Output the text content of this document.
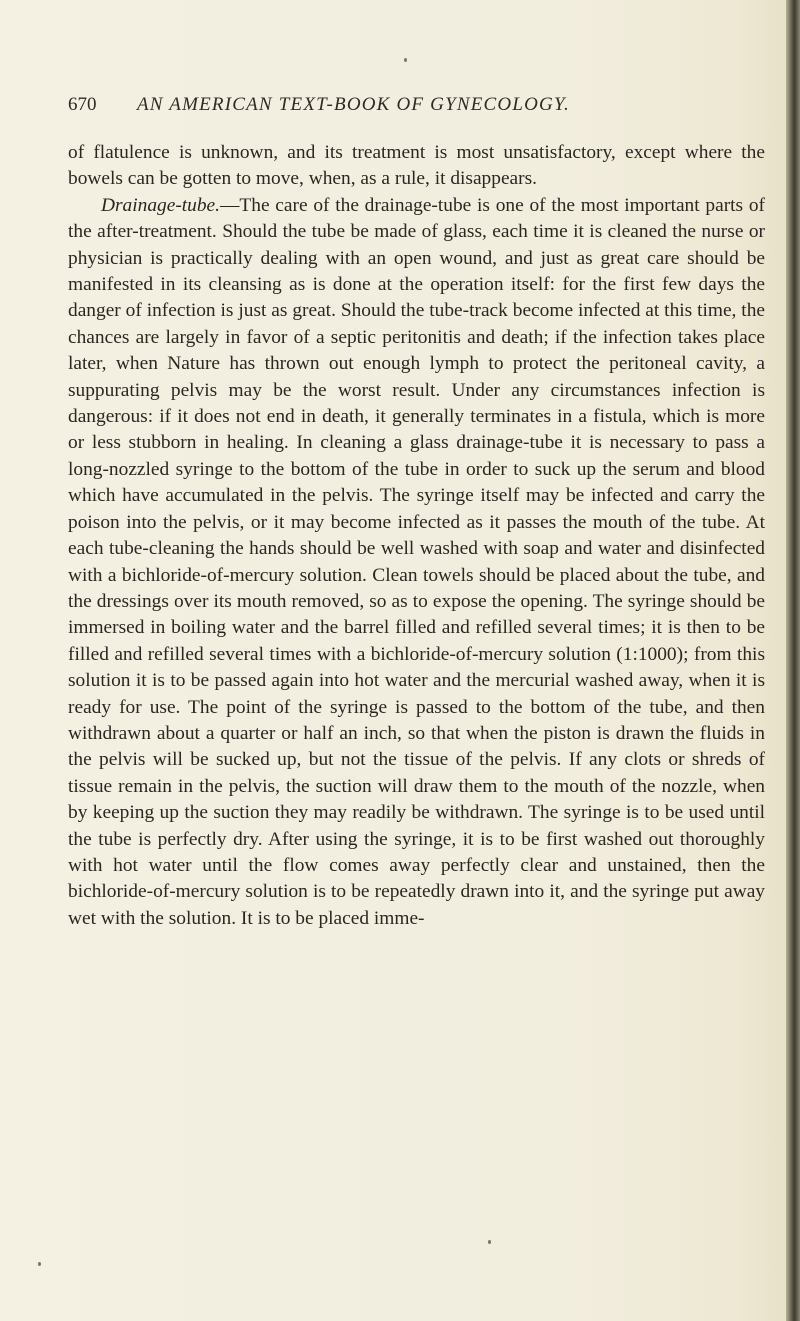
670 AN AMERICAN TEXT-BOOK OF GYNECOLOGY.

of flatulence is unknown, and its treatment is most unsatisfactory, except where the bowels can be gotten to move, when, as a rule, it disappears.

Drainage-tube.—The care of the drainage-tube is one of the most important parts of the after-treatment. Should the tube be made of glass, each time it is cleaned the nurse or physician is practically dealing with an open wound, and just as great care should be manifested in its cleansing as is done at the operation itself: for the first few days the danger of infection is just as great. Should the tube-track become infected at this time, the chances are largely in favor of a septic peritonitis and death; if the infection takes place later, when Nature has thrown out enough lymph to protect the peritoneal cavity, a suppurating pelvis may be the worst result. Under any circumstances infection is dangerous: if it does not end in death, it generally terminates in a fistula, which is more or less stubborn in healing. In cleaning a glass drainage-tube it is necessary to pass a long-nozzled syringe to the bottom of the tube in order to suck up the serum and blood which have accumulated in the pelvis. The syringe itself may be infected and carry the poison into the pelvis, or it may become infected as it passes the mouth of the tube. At each tube-cleaning the hands should be well washed with soap and water and disinfected with a bichloride-of-mercury solution. Clean towels should be placed about the tube, and the dressings over its mouth removed, so as to expose the opening. The syringe should be immersed in boiling water and the barrel filled and refilled several times; it is then to be filled and refilled several times with a bichloride-of-mercury solution (1:1000); from this solution it is to be passed again into hot water and the mercurial washed away, when it is ready for use. The point of the syringe is passed to the bottom of the tube, and then withdrawn about a quarter or half an inch, so that when the piston is drawn the fluids in the pelvis will be sucked up, but not the tissue of the pelvis. If any clots or shreds of tissue remain in the pelvis, the suction will draw them to the mouth of the nozzle, when by keeping up the suction they may readily be withdrawn. The syringe is to be used until the tube is perfectly dry. After using the syringe, it is to be first washed out thoroughly with hot water until the flow comes away perfectly clear and unstained, then the bichloride-of-mercury solution is to be repeatedly drawn into it, and the syringe put away wet with the solution. It is to be placed imme-
